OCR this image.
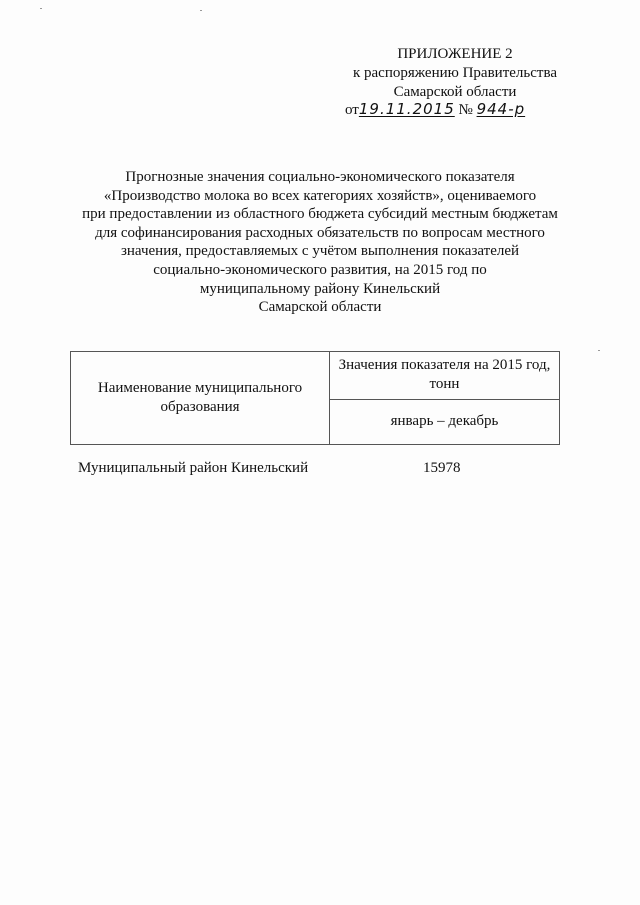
ПРИЛОЖЕНИЕ 2
к распоряжению Правительства
Самарской области
от19.11.2015 № 944-р
Прогнозные значения социально-экономического показателя
«Производство молока во всех категориях хозяйств», оцениваемого
при предоставлении из областного бюджета субсидий местным бюджетам
для софинансирования расходных обязательств по вопросам местного
значения, предоставляемых с учётом выполнения показателей
социально-экономического развития, на 2015 год по
муниципальному району Кинельский
Самарской области
Наименование муниципального образования	Значения показателя на 2015 год, тонн
январь – декабрь
Муниципальный район Кинельский	15978
